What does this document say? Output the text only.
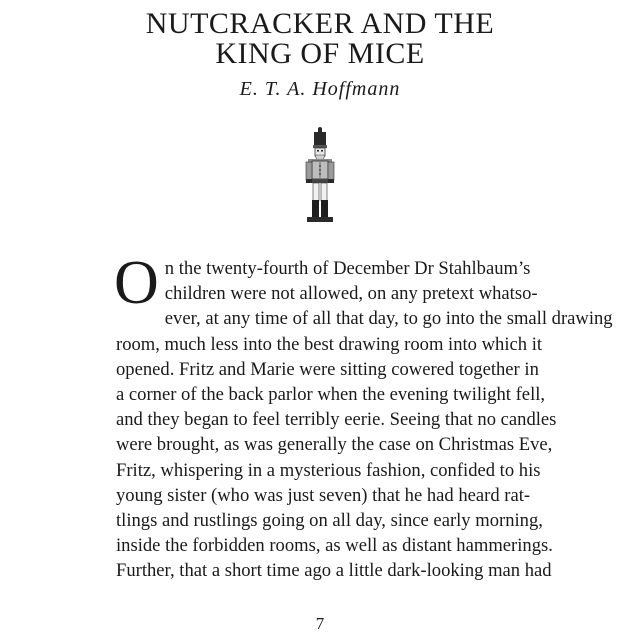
NUTCRACKER AND THE
KING OF MICE
E. T. A. Hoffmann
O n the twenty-fourth of December Dr Stahlbaum’s
children were not allowed, on any pretext whatso-
ever, at any time of all that day, to go into the small drawing
room, much less into the best drawing room into which it
opened. Fritz and Marie were sitting cowered together in
a corner of the back parlor when the evening twilight fell,
and they began to feel terribly eerie. Seeing that no candles
were brought, as was generally the case on Christmas Eve,
Fritz, whispering in a mysterious fashion, confided to his
young sister (who was just seven) that he had heard rat-
tlings and rustlings going on all day, since early morning,
inside the forbidden rooms, as well as distant hammerings.
Further, that a short time ago a little dark-looking man had
7
